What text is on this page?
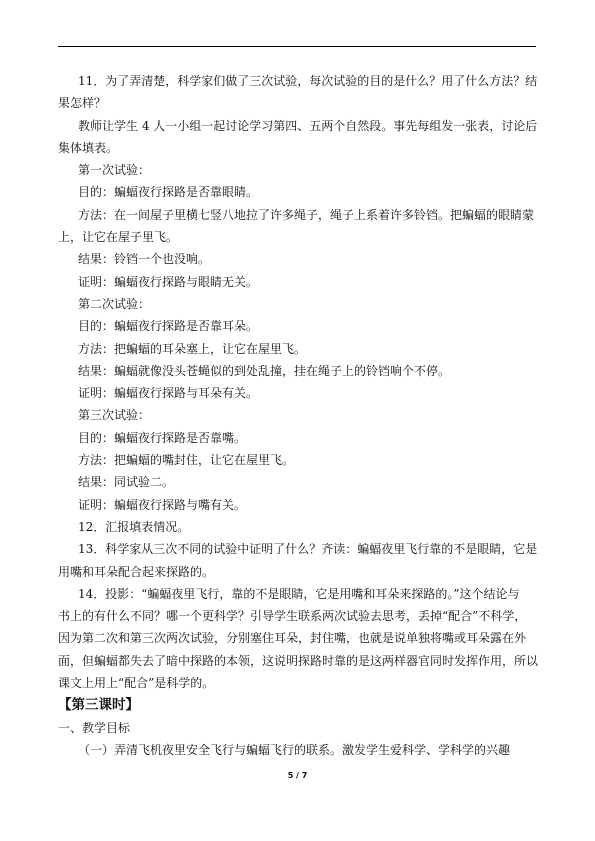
11．为了弄清楚，科学家们做了三次试验，每次试验的目的是什么？用了什么方法？结
果怎样？
教师让学生 4 人一小组一起讨论学习第四、五两个自然段。事先每组发一张表，讨论后
集体填表。
第一次试验：
目的：蝙蝠夜行探路是否靠眼睛。
方法：在一间屋子里横七竖八地拉了许多绳子，绳子上系着许多铃铛。把蝙蝠的眼睛蒙
上，让它在屋子里飞。
结果：铃铛一个也没响。
证明：蝙蝠夜行探路与眼睛无关。
第二次试验：
目的：蝙蝠夜行探路是否靠耳朵。
方法：把蝙蝠的耳朵塞上，让它在屋里飞。
结果：蝙蝠就像没头苍蝇似的到处乱撞，挂在绳子上的铃铛响个不停。
证明：蝙蝠夜行探路与耳朵有关。
第三次试验：
目的：蝙蝠夜行探路是否靠嘴。
方法：把蝙蝠的嘴封住，让它在屋里飞。
结果：同试验二。
证明：蝙蝠夜行探路与嘴有关。
12．汇报填表情况。
13．科学家从三次不同的试验中证明了什么？齐读：蝙蝠夜里飞行靠的不是眼睛，它是
用嘴和耳朵配合起来探路的。
14．投影：“蝙蝠夜里飞行，靠的不是眼睛，它是用嘴和耳朵来探路的。”这个结论与
书上的有什么不同？哪一个更科学？引导学生联系两次试验去思考，丢掉“配合”不科学，
因为第二次和第三次两次试验，分别塞住耳朵，封住嘴，也就是说单独将嘴或耳朵露在外
面，但蝙蝠都失去了暗中探路的本领，这说明探路时靠的是这两样器官同时发挥作用，所以
课文上用上“配合”是科学的。
【第三课时】
一、教学目标
（一）弄清飞机夜里安全飞行与蝙蝠飞行的联系。激发学生爱科学、学科学的兴趣
5 / 7
